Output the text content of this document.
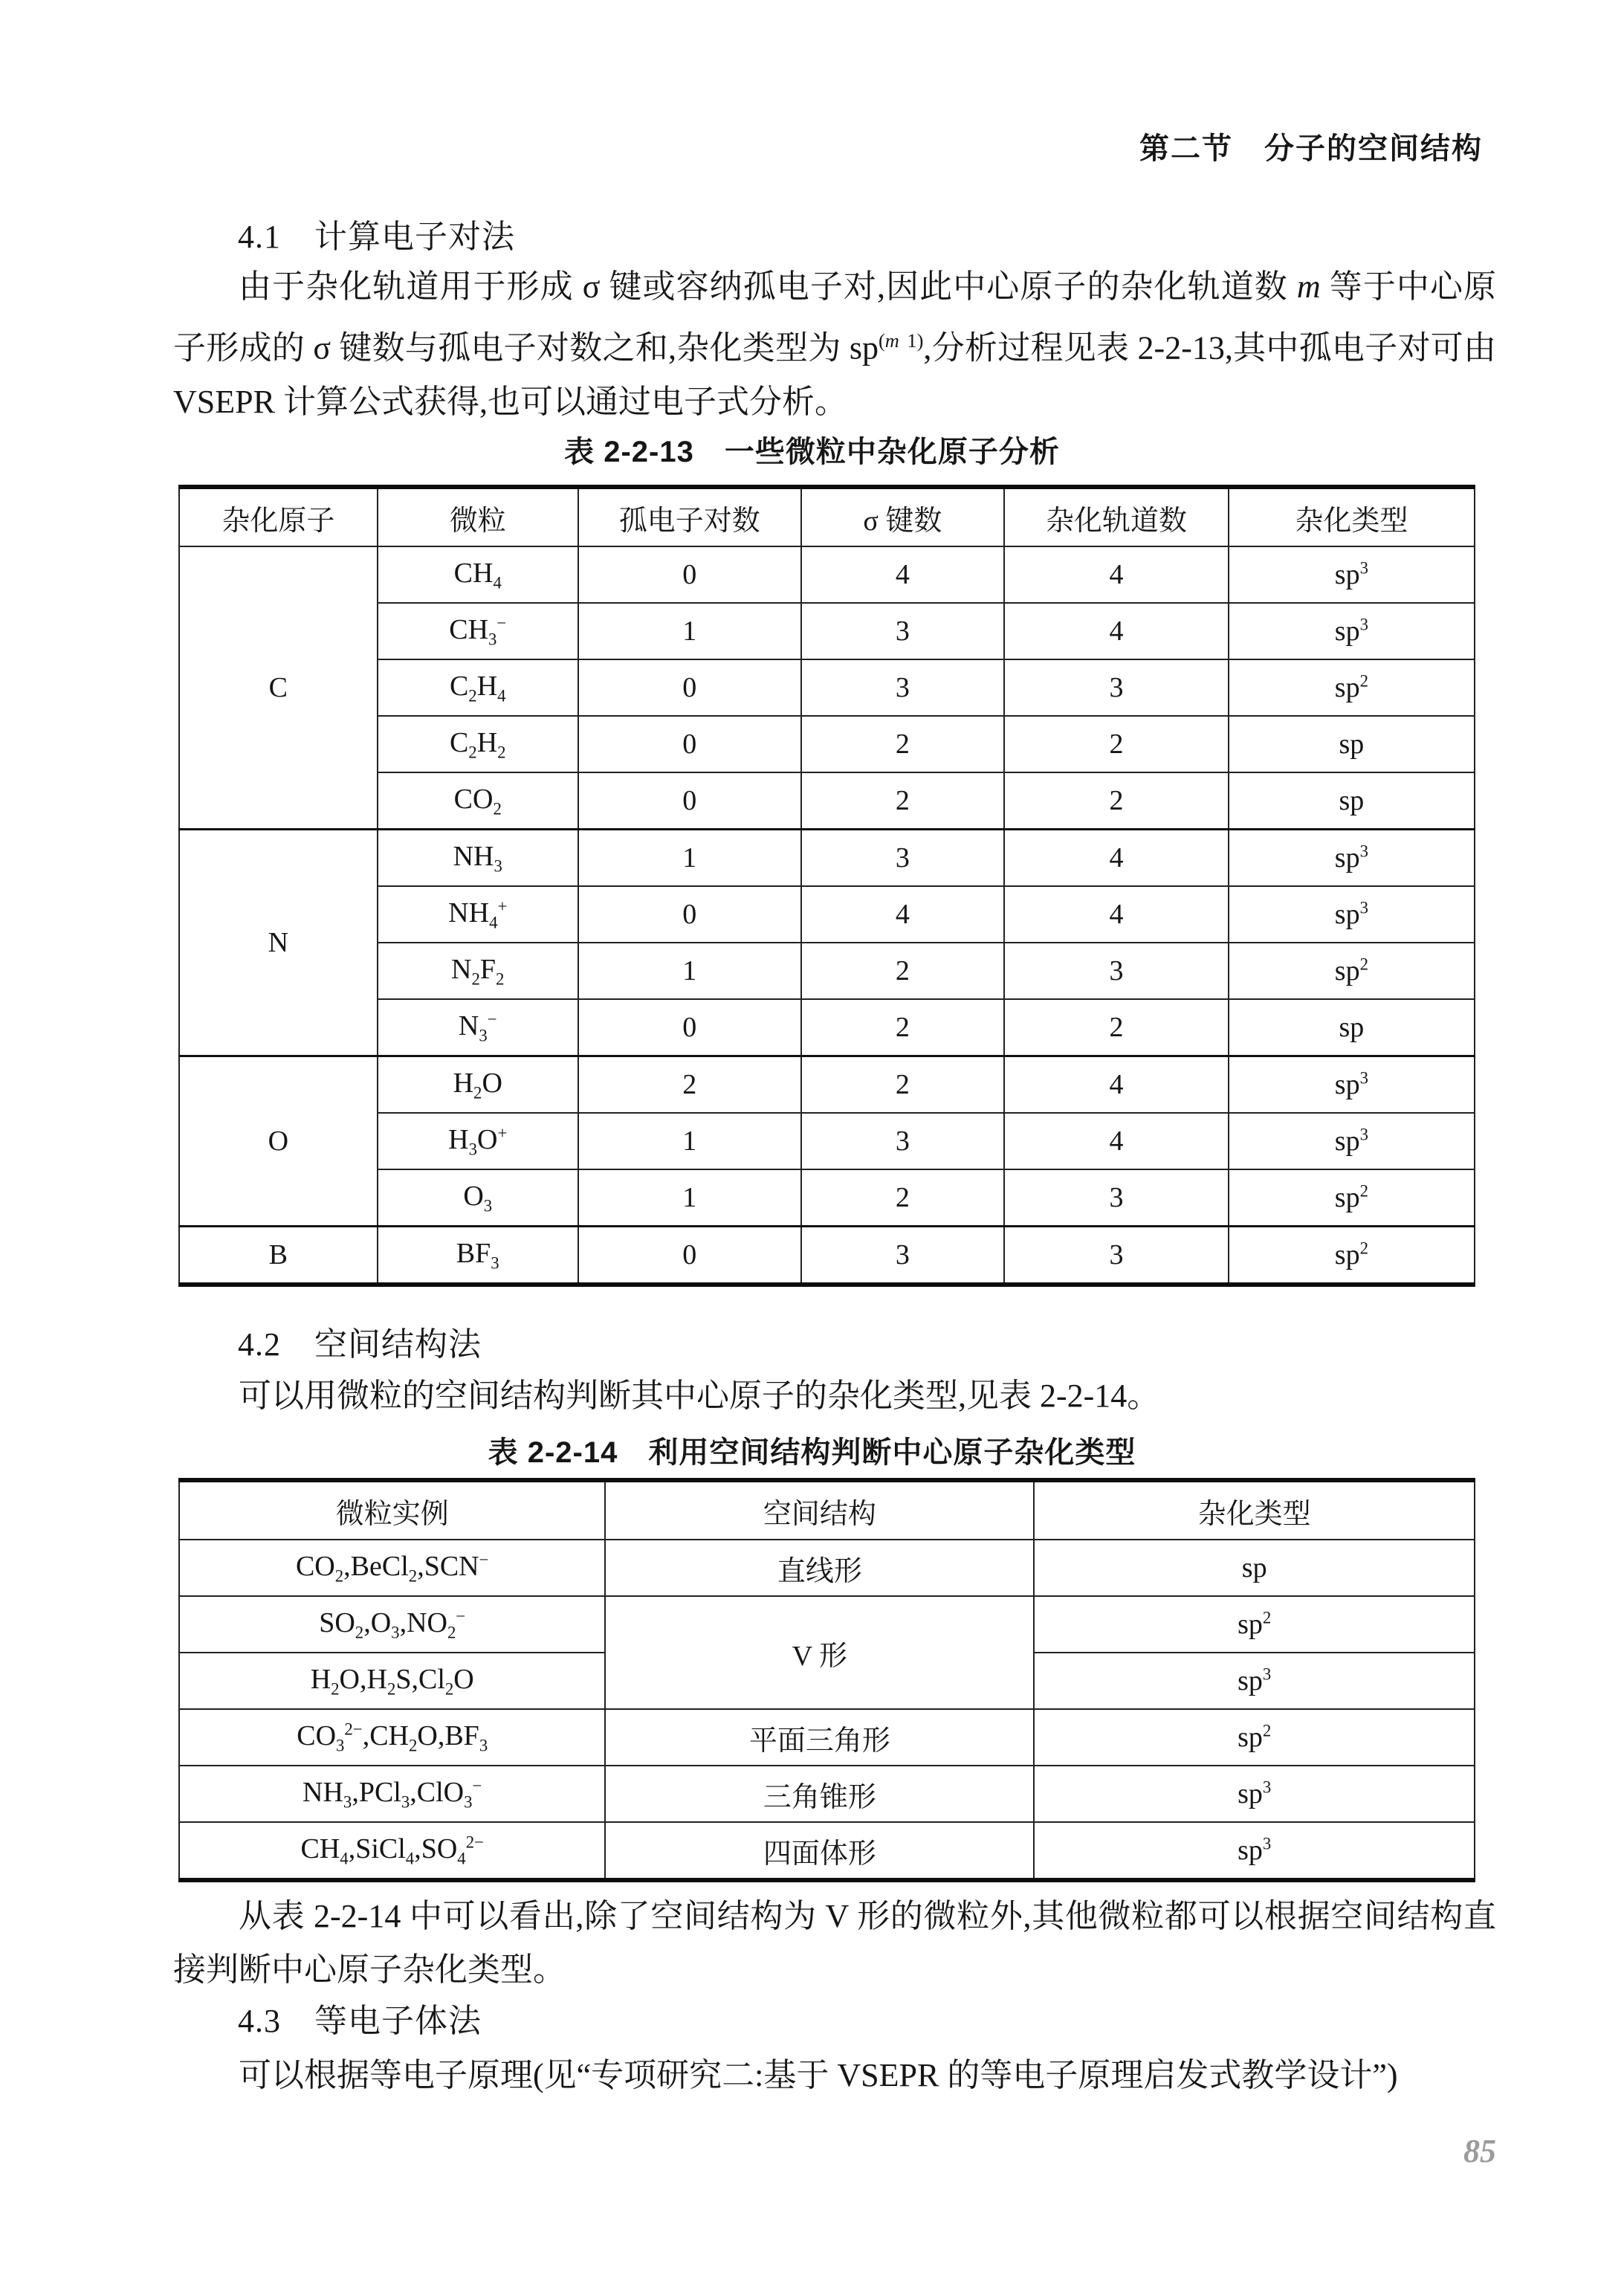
第二节　分子的空间结构
4.1　计算电子对法
由于杂化轨道用于形成 σ 键或容纳孤电子对,因此中心原子的杂化轨道数 m 等于中心原子形成的 σ 键数与孤电子对数之和,杂化类型为 $sp^{(m 1)}$,分析过程见表 2-2-13,其中孤电子对可由 VSEPR 计算公式获得,也可以通过电子式分析。
表 2-2-13　一些微粒中杂化原子分析
杂化原子	微粒	孤电子对数	σ 键数	杂化轨道数	杂化类型
C	$CH_4$	0	4	4	$sp^3$
	$CH_3^-$	1	3	4	$sp^3$
	$C_2H_4$	0	3	3	$sp^2$
	$C_2H_2$	0	2	2	sp
	$CO_2$	0	2	2	sp
N	$NH_3$	1	3	4	$sp^3$
	$NH_4^+$	0	4	4	$sp^3$
	$N_2F_2$	1	2	3	$sp^2$
	$N_3^-$	0	2	2	sp
O	$H_2O$	2	2	4	$sp^3$
	$H_3O^+$	1	3	4	$sp^3$
	$O_3$	1	2	3	$sp^2$
B	$BF_3$	0	3	3	$sp^2$
4.2　空间结构法
可以用微粒的空间结构判断其中心原子的杂化类型,见表 2-2-14。
表 2-2-14　利用空间结构判断中心原子杂化类型
微粒实例	空间结构	杂化类型
$CO_2,BeCl_2,SCN^-$	直线形	sp
$SO_2,O_3,NO_2^-$	V 形	$sp^2$
$H_2O,H_2S,Cl_2O$		$sp^3$
$CO_3^{2-},CH_2O,BF_3$	平面三角形	$sp^2$
$NH_3,PCl_3,ClO_3^-$	三角锥形	$sp^3$
$CH_4,SiCl_4,SO_4^{2-}$	四面体形	$sp^3$
从表 2-2-14 中可以看出,除了空间结构为 V 形的微粒外,其他微粒都可以根据空间结构直接判断中心原子杂化类型。
4.3　等电子体法
可以根据等电子原理(见“专项研究二:基于 VSEPR 的等电子原理启发式教学设计”)
85
